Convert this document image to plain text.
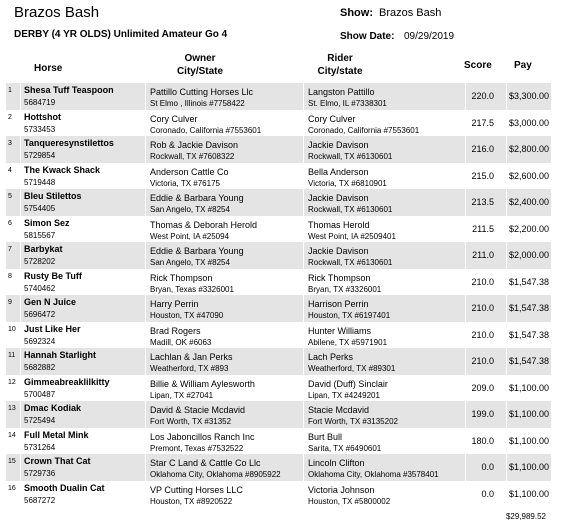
Brazos Bash	Show: Brazos Bash
DERBY (4 YR OLDS) Unlimited Amateur Go 4	Show Date: 09/29/2019
Horse
Owner
City/State
Rider
City/state
Score Pay
1 Shesa Tuff Teaspoon
5684719
Pattillo Cutting Horses Llc
St Elmo , Illinois #7758422
Langston Pattillo
St. Elmo, IL #7338301
220.0 $3,300.00
2 Hottshot
5733453
Cory Culver
Coronado, California #7553601
Cory Culver
Coronado, California #7553601
217.5 $3,000.00
3 Tanqueresynstilettos
5729854
Rob & Jackie Davison
Rockwall, TX #7608322
Jackie Davison
Rockwall, TX #6130601
216.0 $2,800.00
4 The Kwack Shack
5719448
Anderson Cattle Co
Victoria, TX #76175
Bella Anderson
Victoria, TX #6810901
215.0 $2,600.00
5 Bleu Stilettos
5754405
Eddie & Barbara Young
San Angelo, TX #8254
Jackie Davison
Rockwall, TX #6130601
213.5 $2,400.00
6 Simon Sez
5815567
Thomas & Deborah Herold
West Point, IA #25094
Thomas Herold
West Point, IA #2509401
211.5 $2,200.00
7 Barbykat
5728202
Eddie & Barbara Young
San Angelo, TX #8254
Jackie Davison
Rockwall, TX #6130601
211.0 $2,000.00
8 Rusty Be Tuff
5740462
Rick Thompson
Bryan, Texas #3326001
Rick Thompson
Bryan, TX #3326001
210.0 $1,547.38
9 Gen N Juice
5696472
Harry Perrin
Houston, TX #47090
Harrison Perrin
Houston, TX #6197401
210.0 $1,547.38
10 Just Like Her
5692324
Brad Rogers
Madill, OK #6063
Hunter Williams
Abilene, TX #5971901
210.0 $1,547.38
11 Hannah Starlight
5682882
Lachlan & Jan Perks
Weatherford, TX #893
Lach Perks
Weatherford, TX #89301
210.0 $1,547.38
12 Gimmeabreaklilkitty
5700487
Billie & William Aylesworth
Lipan, TX #27041
David (Duff) Sinclair
Lipan, TX #4249201
209.0 $1,100.00
13 Dmac Kodiak
5725494
David & Stacie Mcdavid
Fort Worth, TX #31352
Stacie Mcdavid
Fort Worth, TX #3135202
199.0 $1,100.00
14 Full Metal Mink
5731264
Los Jaboncillos Ranch Inc
Premont, Texas #7532522
Burt Bull
Sarita, TX #6490601
180.0 $1,100.00
15 Crown That Cat
5729736
Star C Land & Cattle Co Llc
Oklahoma City, Oklahoma #8905922
Lincoln Clifton
Oklahoma City, Oklahoma #3578401
0.0 $1,100.00
16 Smooth Dualin Cat
5687272
VP Cutting Horses LLC
Houston, TX #8920522
Victoria Johnson
Houston, TX #5800002
0.0 $1,100.00
$29,989.52
